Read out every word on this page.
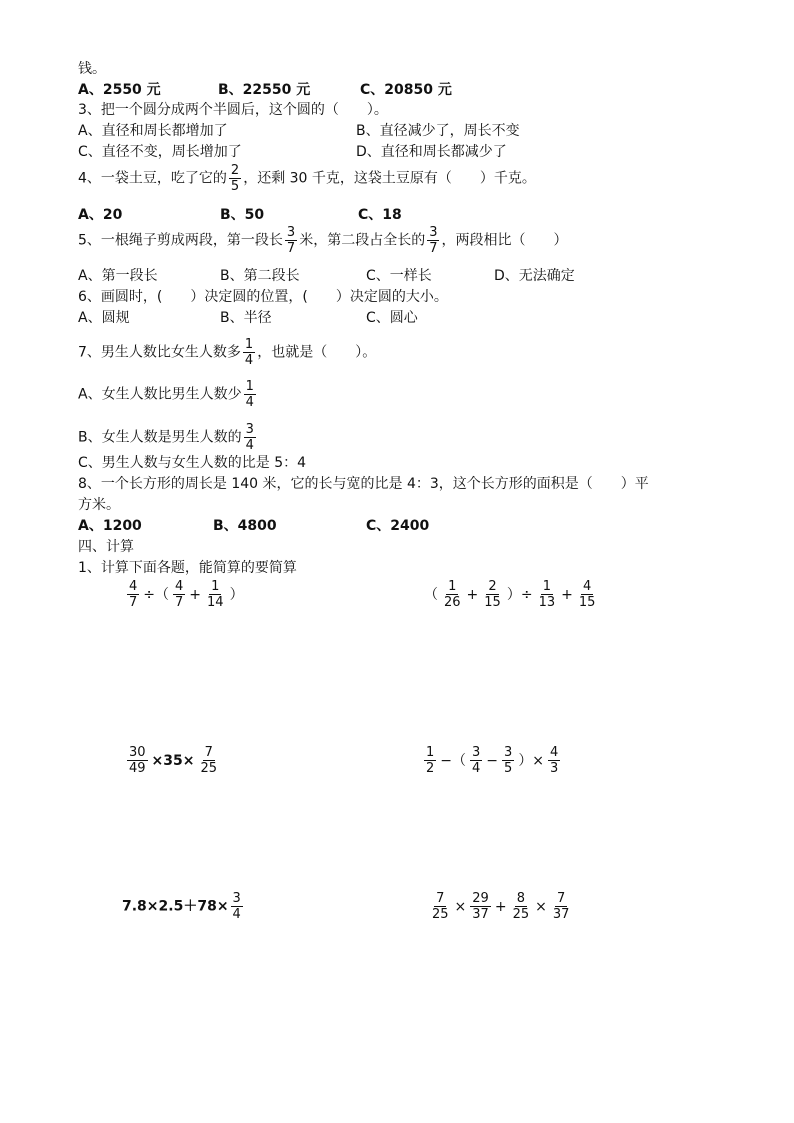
钱。
A、2550 元	B、22550 元	C、20850 元
3、把一个圆分成两个半圆后，这个圆的（　　）。
A、直径和周长都增加了	B、直径减少了，周长不变
C、直径不变，周长增加了	D、直径和周长都减少了
4、一袋土豆，吃了它的 $\frac{2}{5}$ ，还剩 30 千克，这袋土豆原有（　　）千克。
A、20	B、50	C、18
5、一根绳子剪成两段，第一段长 $\frac{3}{7}$ 米，第二段占全长的 $\frac{3}{7}$ ，两段相比（　　）
A、第一段长	B、第二段长	C、一样长	D、无法确定
6、画圆时，(　　）决定圆的位置，(　　）决定圆的大小。
A、圆规	B、半径	C、圆心
7、男生人数比女生人数多 $\frac{1}{4}$ ，也就是（　　）。
A、女生人数比男生人数少 $\frac{1}{4}$
B、女生人数是男生人数的 $\frac{3}{4}$
C、男生人数与女生人数的比是 5：4
8、一个长方形的周长是 140 米，它的长与宽的比是 4：3，这个长方形的面积是（　　）平
方米。
A、1200	B、4800	C、2400
四、计算
1、计算下面各题，能简算的要简算
$\frac{4}{7}$ ÷（ $\frac{4}{7} + \frac{1}{14}$ ）	（ $\frac{1}{26} + \frac{2}{15}$ ）÷ $\frac{1}{13} + \frac{4}{15}$
$\frac{30}{49} \times 35\times \frac{7}{25}$	$\frac{1}{2}$ −（ $\frac{3}{4} - \frac{3}{5}$ ）× $\frac{4}{3}$
$7.8\times 2.5+78\times \frac{3}{4}$	$\frac{7}{25} \times \frac{29}{37} + \frac{8}{25} \times \frac{7}{37}$
